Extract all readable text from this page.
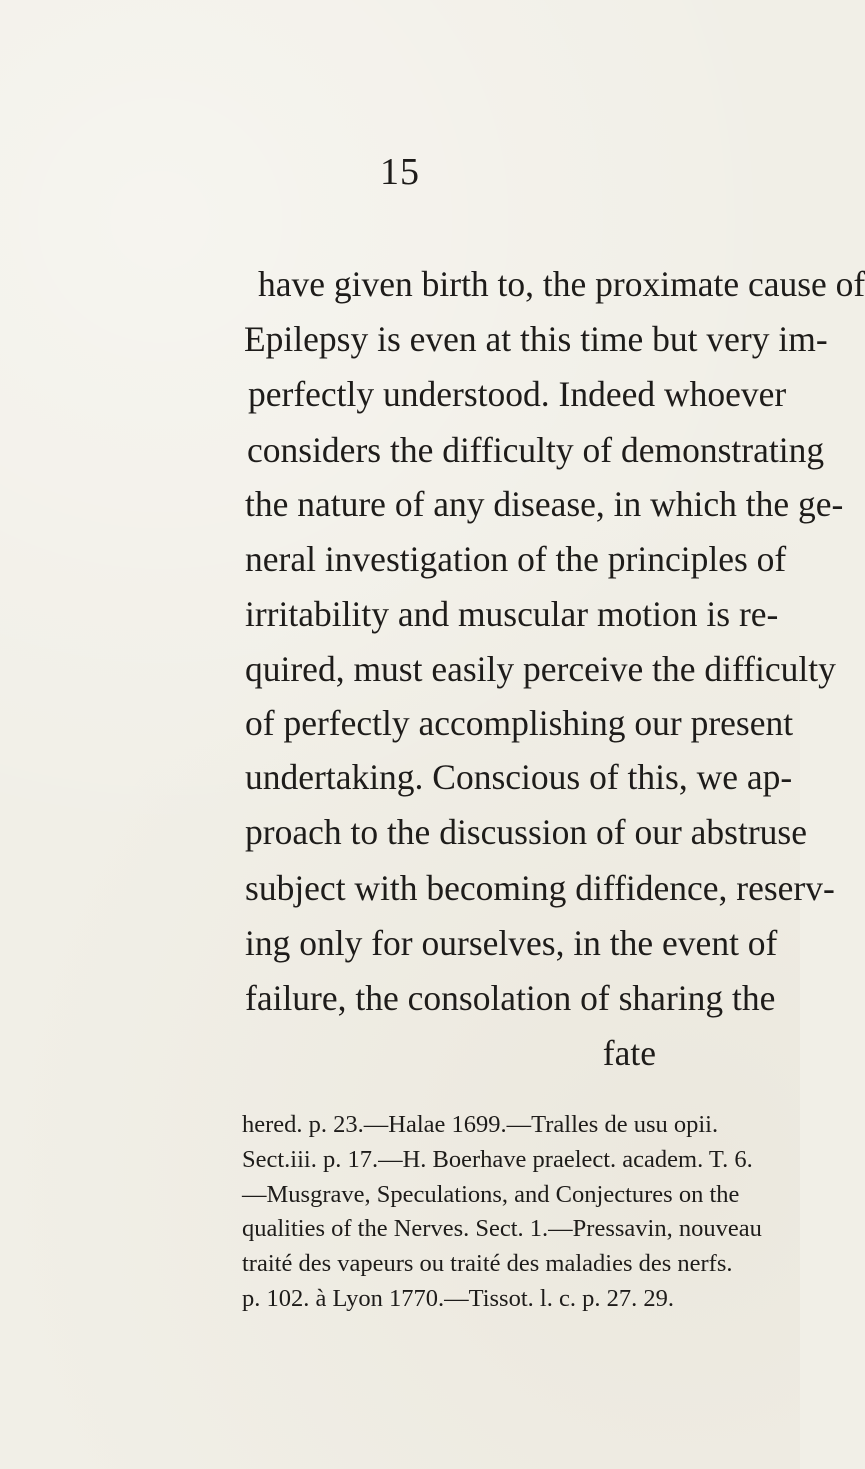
15
have given birth to, the proximate cause of
Epilepsy is even at this time but very im-
perfectly understood. Indeed whoever
considers the difficulty of demonstrating
the nature of any disease, in which the ge-
neral investigation of the principles of
irritability and muscular motion is re-
quired, must easily perceive the difficulty
of perfectly accomplishing our present
undertaking. Conscious of this, we ap-
proach to the discussion of our abstruse
subject with becoming diffidence, reserv-
ing only for ourselves, in the event of
failure, the consolation of sharing the
fate
hered. p. 23.—Halae 1699.—Tralles de usu opii.
Sect.iii. p. 17.—H. Boerhave praelect. academ. T. 6.
—Musgrave, Speculations, and Conjectures on the
qualities of the Nerves. Sect. 1.—Pressavin, nouveau
traité des vapeurs ou traité des maladies des nerfs.
p. 102. à Lyon 1770.—Tissot. l. c. p. 27. 29.
